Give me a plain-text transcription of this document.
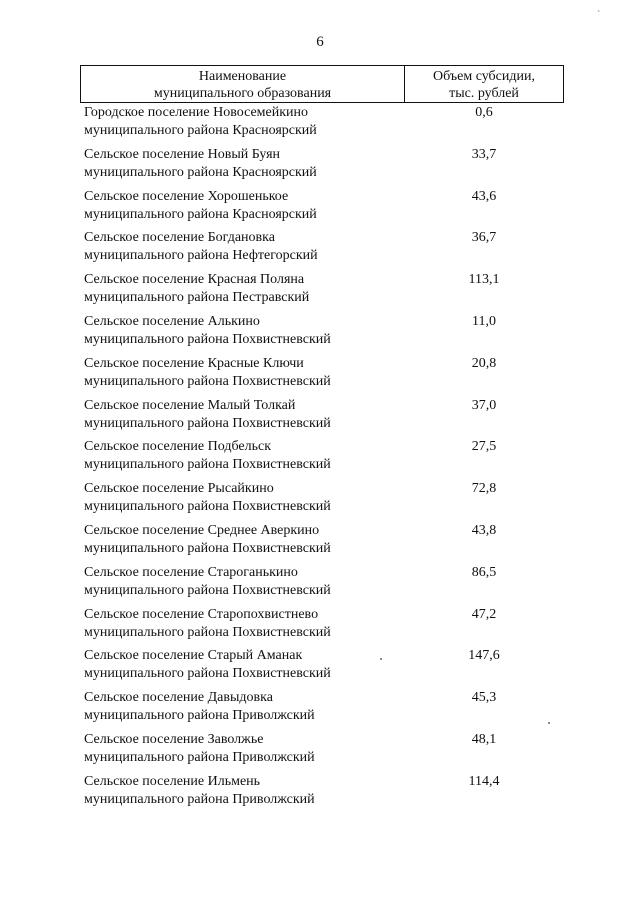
6
`
Наименование
муниципального образования
Объем субсидии,
тыс. рублей
Городское поселение Новосемейкино
муниципального района Красноярский
0,6
Сельское поселение Новый Буян
муниципального района Красноярский
33,7
Сельское поселение Хорошенькое
муниципального района Красноярский
43,6
Сельское поселение Богдановка
муниципального района Нефтегорский
36,7
Сельское поселение Красная Поляна
муниципального района Пестравский
113,1
Сельское поселение Алькино
муниципального района Похвистневский
11,0
Сельское поселение Красные Ключи
муниципального района Похвистневский
20,8
Сельское поселение Малый Толкай
муниципального района Похвистневский
37,0
Сельское поселение Подбельск
муниципального района Похвистневский
27,5
Сельское поселение Рысайкино
муниципального района Похвистневский
72,8
Сельское поселение Среднее Аверкино
муниципального района Похвистневский
43,8
Сельское поселение Староганькино
муниципального района Похвистневский
86,5
Сельское поселение Старопохвистнево
муниципального района Похвистневский
47,2
Сельское поселение Старый Аманак
муниципального района Похвистневский
147,6
Сельское поселение Давыдовка
муниципального района Приволжский
45,3
Сельское поселение Заволжье
муниципального района Приволжский
48,1
Сельское поселение Ильмень
муниципального района Приволжский
114,4
